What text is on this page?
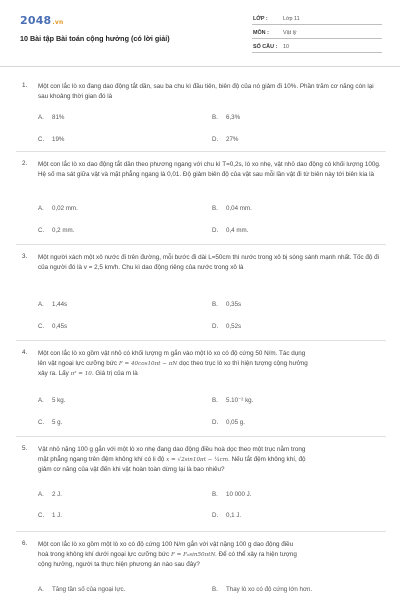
2048.vn
10 Bài tập Bài toán cộng hưởng (có lời giải)
LỚP :	Lớp 11
MÔN :	Vật lý
SỐ CÂU : 10
1. Một con lắc lò xo đang dao động tắt dần, sau ba chu kì đầu tiên, biên độ của nó giảm đi 10%. Phần trăm cơ năng còn lại sau khoảng thời gian đó là
A. 81%	B. 6,3%
C. 19%	D. 27%
2. Một con lắc lò xo dao động tắt dần theo phương ngang với chu kì T=0,2s, lò xo nhẹ, vật nhỏ dao động có khối lượng 100g. Hệ số ma sát giữa vật và mặt phẳng ngang là 0,01. Độ giảm biên độ của vật sau mỗi lần vật đi từ biên này tới biên kia là
A. 0,02 mm.	B. 0,04 mm.
C. 0,2 mm.	D. 0,4 mm.
3. Một người xách một xô nước đi trên đường, mỗi bước đi dài L=50cm thì nước trong xô bị sóng sánh mạnh nhất. Tốc độ đi của người đó là v = 2,5 km/h. Chu kì dao động riêng của nước trong xô là
A. 1,44s	B. 0,35s
C. 0,45s	D. 0,52s
4. Một con lắc lò xo gồm vật nhỏ có khối lượng m gắn vào một lò xo có độ cứng 50 N/m. Tác dụng
lên vật ngoại lực cưỡng bức F = 40cos10πt − πN dọc theo trục lò xo thì hiện tượng cộng hưởng
xảy ra. Lấy π² = 10. Giá trị của m là
A. 5 kg.	B. 5.10⁻² kg.
C. 5 g.	D. 0,05 g.
5. Vật nhỏ nặng 100 g gắn với một lò xo nhẹ đang dao động điều hoà dọc theo một trục nằm trong
mặt phẳng ngang trên đệm không khí có li độ x = √2sin10πt − ¼cm. Nếu tắt đệm không khí, độ
giảm cơ năng của vật đến khi vật hoàn toàn dừng lại là bao nhiêu?
A. 2 J.	B. 10 000 J.
C. 1 J.	D. 0,1 J.
6. Một con lắc lò xo gồm một lò xo có độ cứng 100 N/m gắn với vật nặng 100 g dao động điều
hoà trong không khí dưới ngoại lực cưỡng bức F = F₀sin50πtN. Để có thể xảy ra hiện tượng
cộng hưởng, người ta thực hiện phương án nào sau đây?
A. Tăng tần số của ngoại lực.	B. Thay lò xo có độ cứng lớn hơn.
